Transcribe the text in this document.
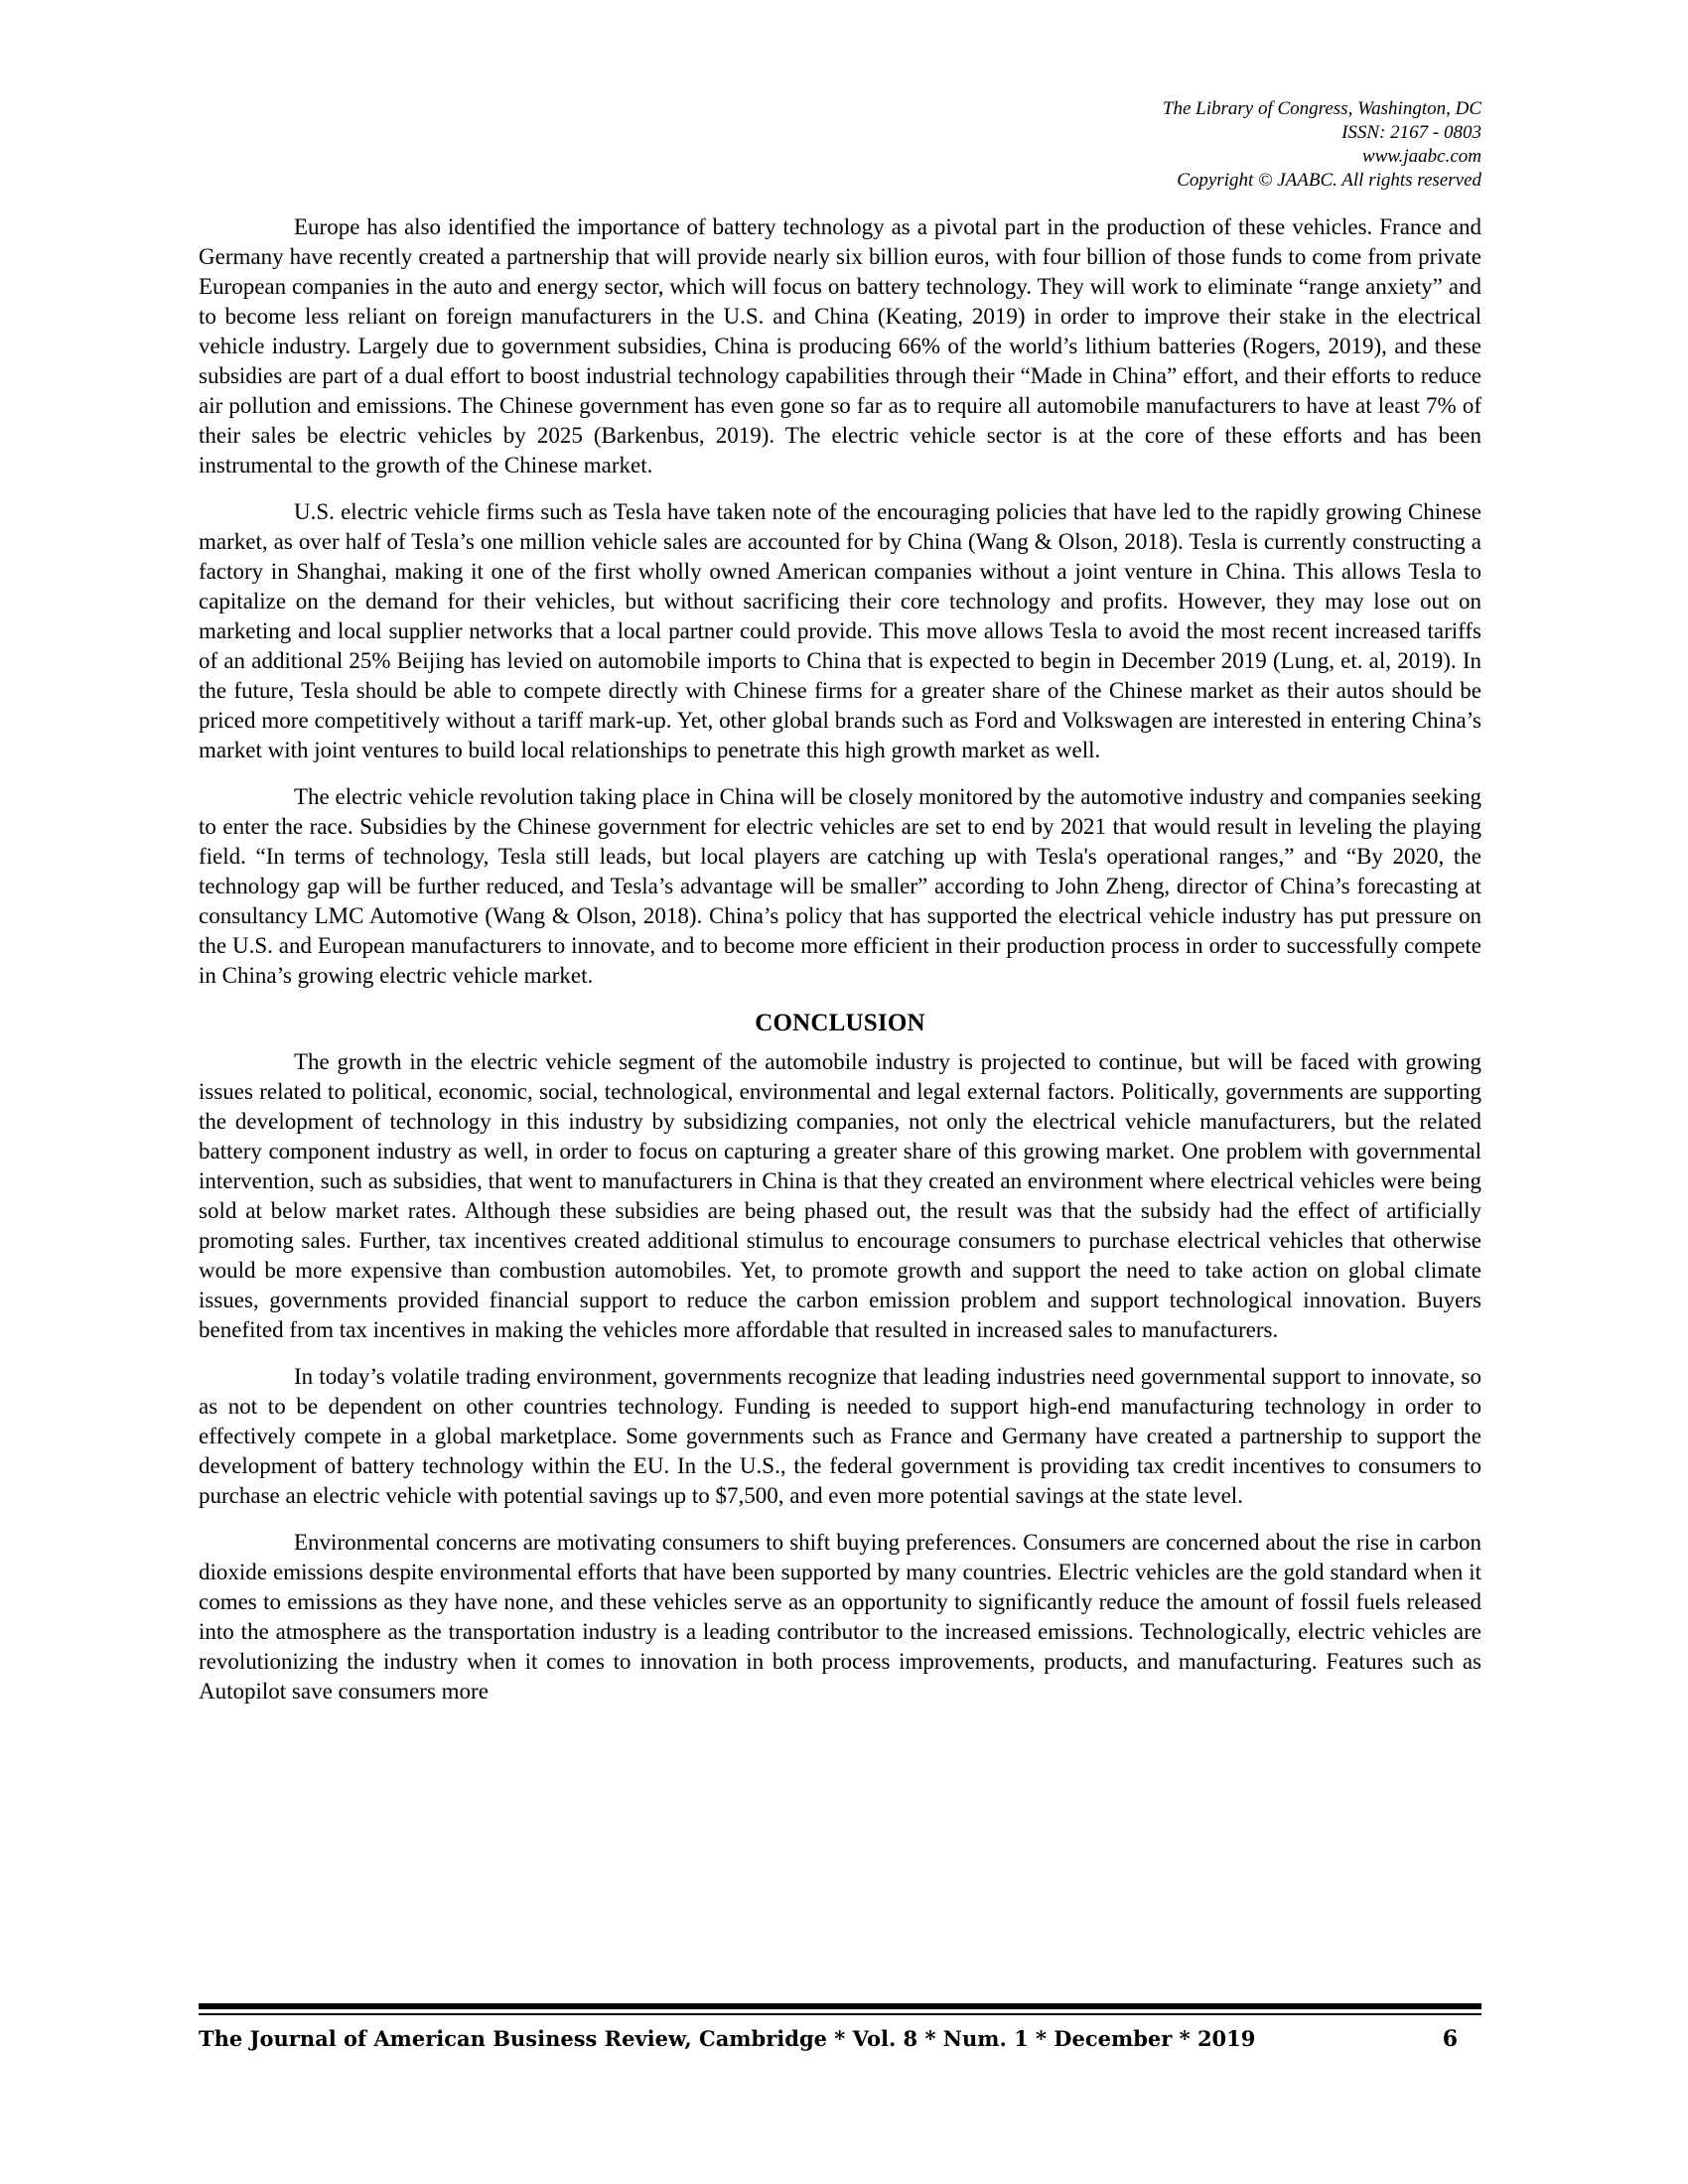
The Library of Congress, Washington, DC
ISSN: 2167 - 0803
www.jaabc.com
Copyright © JAABC. All rights reserved

Europe has also identified the importance of battery technology as a pivotal part in the production of these vehicles. France and Germany have recently created a partnership that will provide nearly six billion euros, with four billion of those funds to come from private European companies in the auto and energy sector, which will focus on battery technology. They will work to eliminate “range anxiety” and to become less reliant on foreign manufacturers in the U.S. and China (Keating, 2019) in order to improve their stake in the electrical vehicle industry. Largely due to government subsidies, China is producing 66% of the world’s lithium batteries (Rogers, 2019), and these subsidies are part of a dual effort to boost industrial technology capabilities through their “Made in China” effort, and their efforts to reduce air pollution and emissions. The Chinese government has even gone so far as to require all automobile manufacturers to have at least 7% of their sales be electric vehicles by 2025 (Barkenbus, 2019). The electric vehicle sector is at the core of these efforts and has been instrumental to the growth of the Chinese market.

U.S. electric vehicle firms such as Tesla have taken note of the encouraging policies that have led to the rapidly growing Chinese market, as over half of Tesla’s one million vehicle sales are accounted for by China (Wang & Olson, 2018). Tesla is currently constructing a factory in Shanghai, making it one of the first wholly owned American companies without a joint venture in China. This allows Tesla to capitalize on the demand for their vehicles, but without sacrificing their core technology and profits. However, they may lose out on marketing and local supplier networks that a local partner could provide. This move allows Tesla to avoid the most recent increased tariffs of an additional 25% Beijing has levied on automobile imports to China that is expected to begin in December 2019 (Lung, et. al, 2019). In the future, Tesla should be able to compete directly with Chinese firms for a greater share of the Chinese market as their autos should be priced more competitively without a tariff mark-up. Yet, other global brands such as Ford and Volkswagen are interested in entering China’s market with joint ventures to build local relationships to penetrate this high growth market as well.

The electric vehicle revolution taking place in China will be closely monitored by the automotive industry and companies seeking to enter the race. Subsidies by the Chinese government for electric vehicles are set to end by 2021 that would result in leveling the playing field. “In terms of technology, Tesla still leads, but local players are catching up with Tesla's operational ranges,” and “By 2020, the technology gap will be further reduced, and Tesla’s advantage will be smaller” according to John Zheng, director of China’s forecasting at consultancy LMC Automotive (Wang & Olson, 2018). China’s policy that has supported the electrical vehicle industry has put pressure on the U.S. and European manufacturers to innovate, and to become more efficient in their production process in order to successfully compete in China’s growing electric vehicle market.

CONCLUSION

The growth in the electric vehicle segment of the automobile industry is projected to continue, but will be faced with growing issues related to political, economic, social, technological, environmental and legal external factors. Politically, governments are supporting the development of technology in this industry by subsidizing companies, not only the electrical vehicle manufacturers, but the related battery component industry as well, in order to focus on capturing a greater share of this growing market. One problem with governmental intervention, such as subsidies, that went to manufacturers in China is that they created an environment where electrical vehicles were being sold at below market rates. Although these subsidies are being phased out, the result was that the subsidy had the effect of artificially promoting sales. Further, tax incentives created additional stimulus to encourage consumers to purchase electrical vehicles that otherwise would be more expensive than combustion automobiles. Yet, to promote growth and support the need to take action on global climate issues, governments provided financial support to reduce the carbon emission problem and support technological innovation. Buyers benefited from tax incentives in making the vehicles more affordable that resulted in increased sales to manufacturers.

In today’s volatile trading environment, governments recognize that leading industries need governmental support to innovate, so as not to be dependent on other countries technology. Funding is needed to support high-end manufacturing technology in order to effectively compete in a global marketplace. Some governments such as France and Germany have created a partnership to support the development of battery technology within the EU. In the U.S., the federal government is providing tax credit incentives to consumers to purchase an electric vehicle with potential savings up to $7,500, and even more potential savings at the state level.

Environmental concerns are motivating consumers to shift buying preferences. Consumers are concerned about the rise in carbon dioxide emissions despite environmental efforts that have been supported by many countries. Electric vehicles are the gold standard when it comes to emissions as they have none, and these vehicles serve as an opportunity to significantly reduce the amount of fossil fuels released into the atmosphere as the transportation industry is a leading contributor to the increased emissions. Technologically, electric vehicles are revolutionizing the industry when it comes to innovation in both process improvements, products, and manufacturing. Features such as Autopilot save consumers more

The Journal of American Business Review, Cambridge * Vol. 8 * Num. 1 * December * 2019	6
